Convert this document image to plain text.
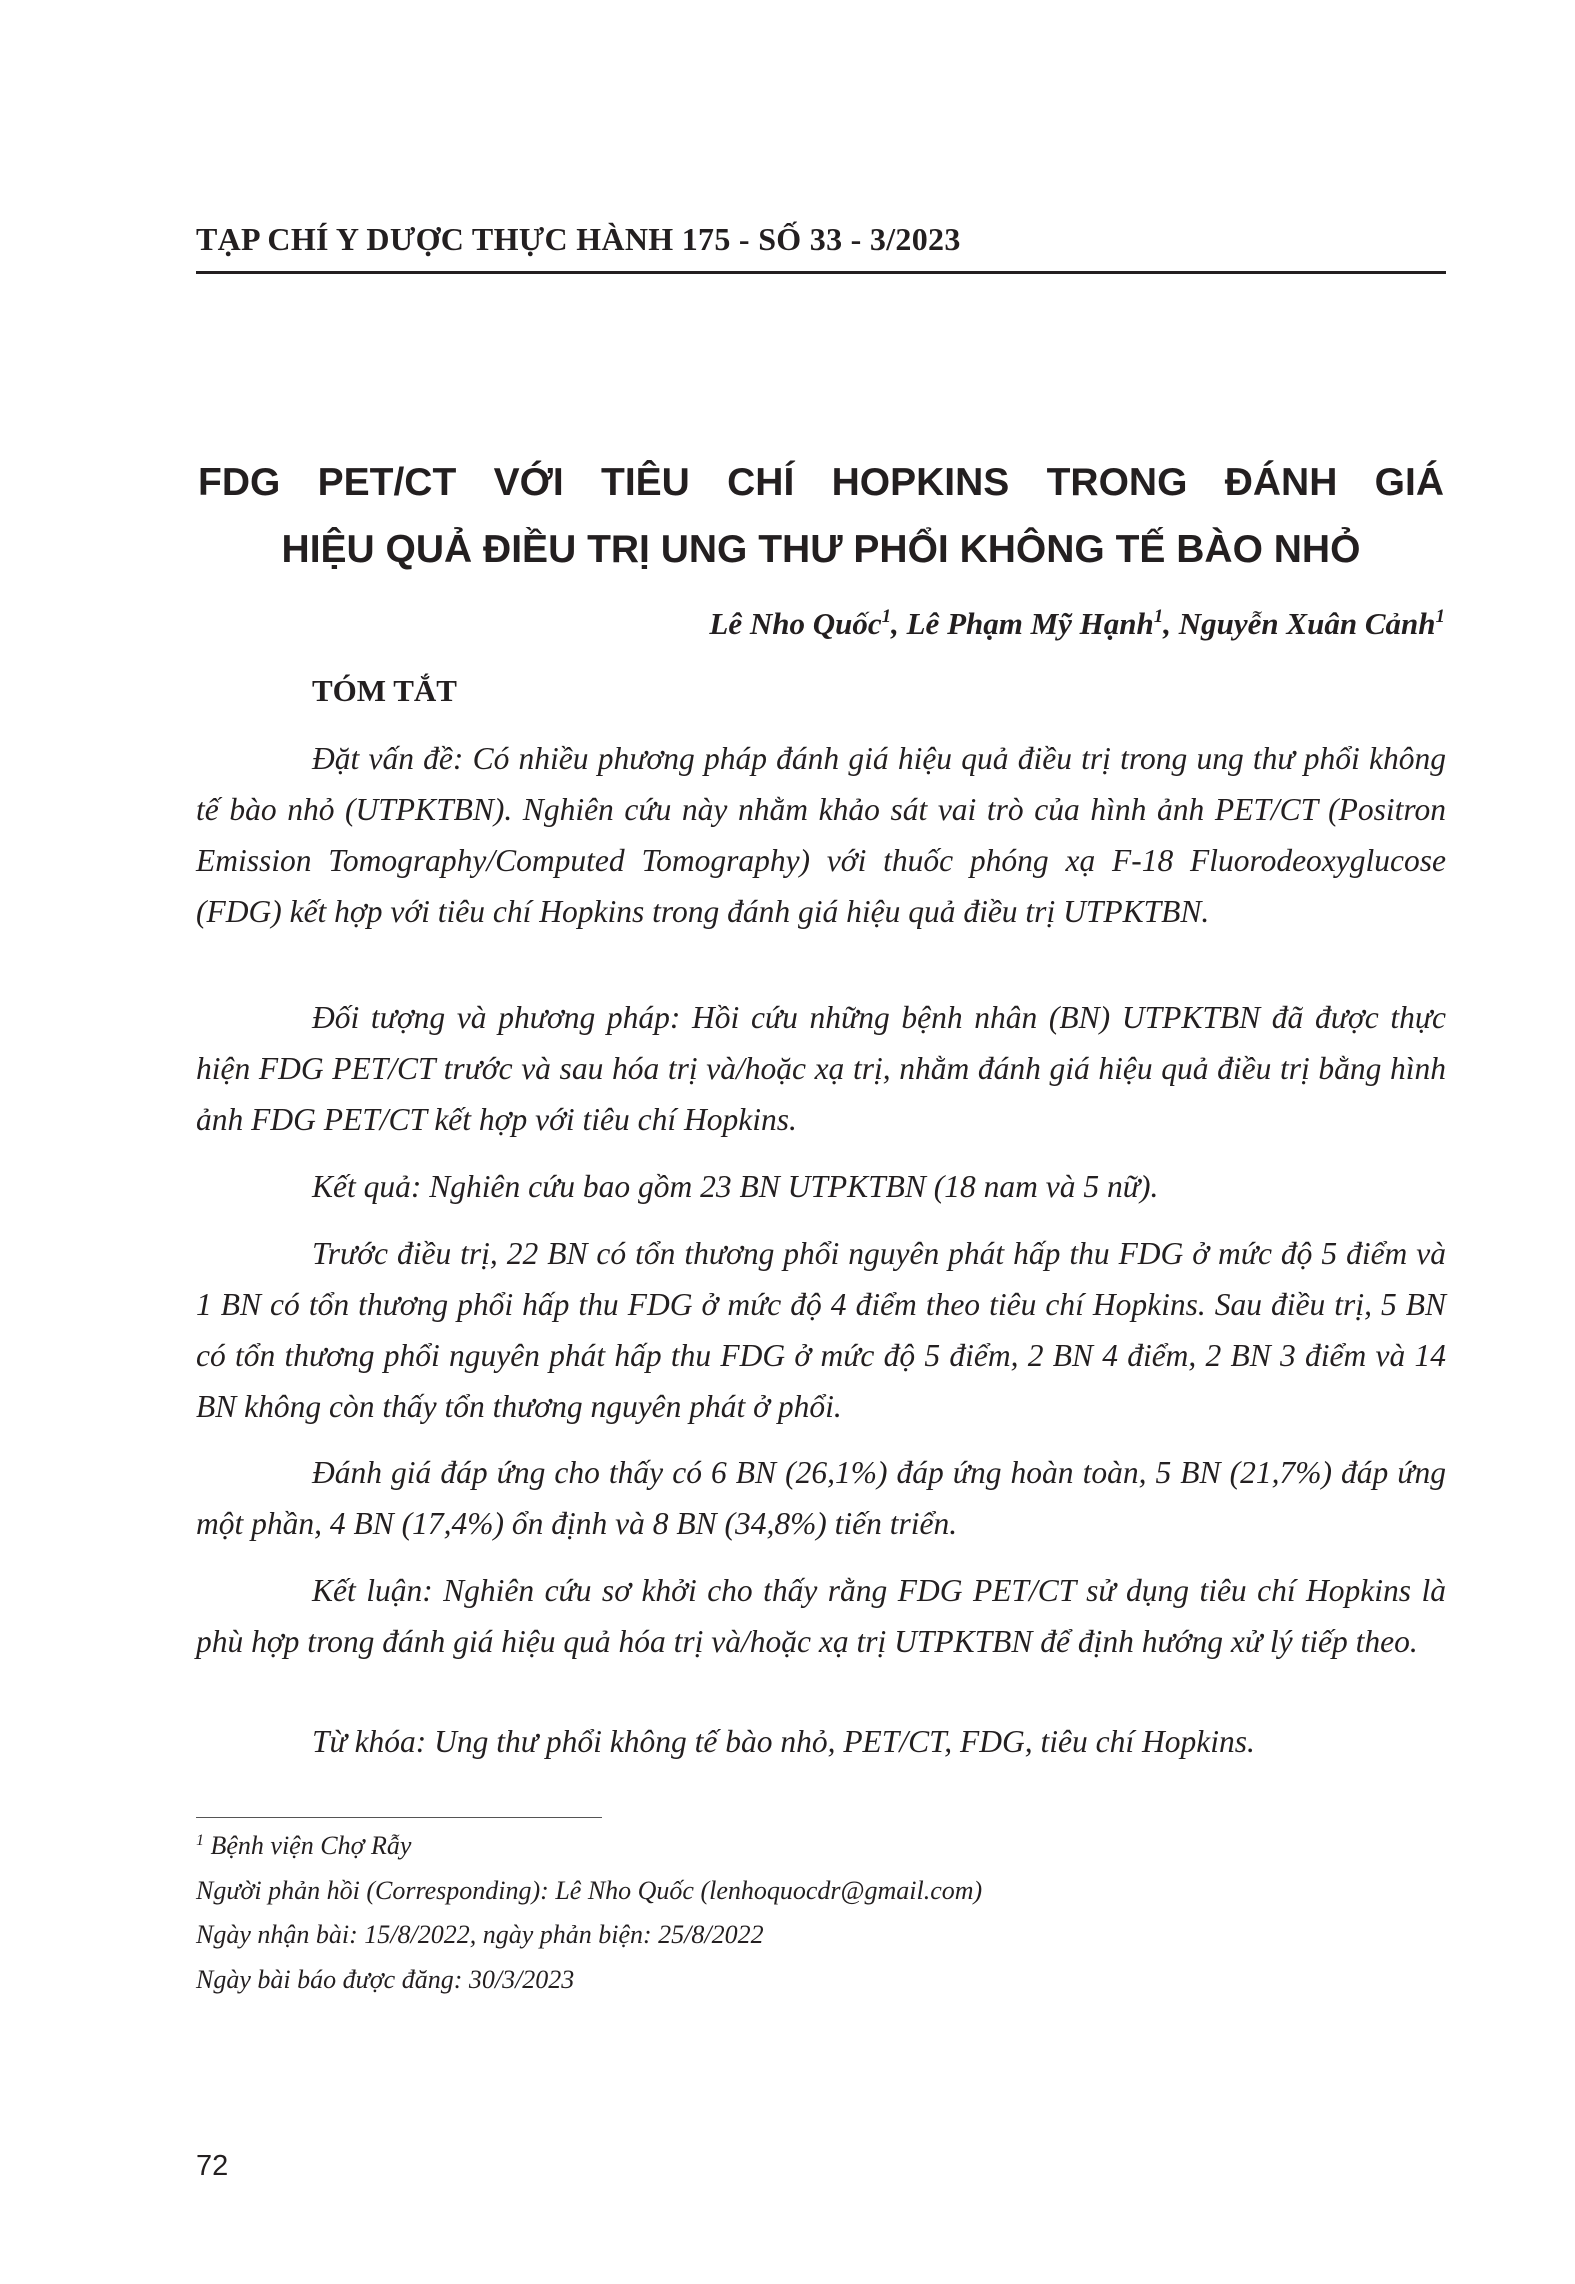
TẠP CHÍ Y DƯỢC THỰC HÀNH 175 - SỐ 33 - 3/2023
FDG PET/CT VỚI TIÊU CHÍ HOPKINS TRONG ĐÁNH GIÁ
HIỆU QUẢ ĐIỀU TRỊ UNG THƯ PHỔI KHÔNG TẾ BÀO NHỎ
Lê Nho Quốc$^1$, Lê Phạm Mỹ Hạnh$^1$, Nguyễn Xuân Cảnh$^1$
TÓM TẮT

Đặt vấn đề: Có nhiều phương pháp đánh giá hiệu quả điều trị trong ung thư phổi không tế bào nhỏ (UTPKTBN). Nghiên cứu này nhằm khảo sát vai trò của hình ảnh PET/CT (Positron Emission Tomography/Computed Tomography) với thuốc phóng xạ F-18 Fluorodeoxyglucose (FDG) kết hợp với tiêu chí Hopkins trong đánh giá hiệu quả điều trị UTPKTBN.

Đối tượng và phương pháp: Hồi cứu những bệnh nhân (BN) UTPKTBN đã được thực hiện FDG PET/CT trước và sau hóa trị và/hoặc xạ trị, nhằm đánh giá hiệu quả điều trị bằng hình ảnh FDG PET/CT kết hợp với tiêu chí Hopkins.

Kết quả: Nghiên cứu bao gồm 23 BN UTPKTBN (18 nam và 5 nữ).

Trước điều trị, 22 BN có tổn thương phổi nguyên phát hấp thu FDG ở mức độ 5 điểm và 1 BN có tổn thương phổi hấp thu FDG ở mức độ 4 điểm theo tiêu chí Hopkins. Sau điều trị, 5 BN có tổn thương phổi nguyên phát hấp thu FDG ở mức độ 5 điểm, 2 BN 4 điểm, 2 BN 3 điểm và 14 BN không còn thấy tổn thương nguyên phát ở phổi.

Đánh giá đáp ứng cho thấy có 6 BN (26,1%) đáp ứng hoàn toàn, 5 BN (21,7%) đáp ứng một phần, 4 BN (17,4%) ổn định và 8 BN (34,8%) tiến triển.

Kết luận: Nghiên cứu sơ khởi cho thấy rằng FDG PET/CT sử dụng tiêu chí Hopkins là phù hợp trong đánh giá hiệu quả hóa trị và/hoặc xạ trị UTPKTBN để định hướng xử lý tiếp theo.

Từ khóa: Ung thư phổi không tế bào nhỏ, PET/CT, FDG, tiêu chí Hopkins.

$^1$ Bệnh viện Chợ Rẫy
Người phản hồi (Corresponding): Lê Nho Quốc (lenhoquocdr@gmail.com)
Ngày nhận bài: 15/8/2022, ngày phản biện: 25/8/2022
Ngày bài báo được đăng: 30/3/2023
72
